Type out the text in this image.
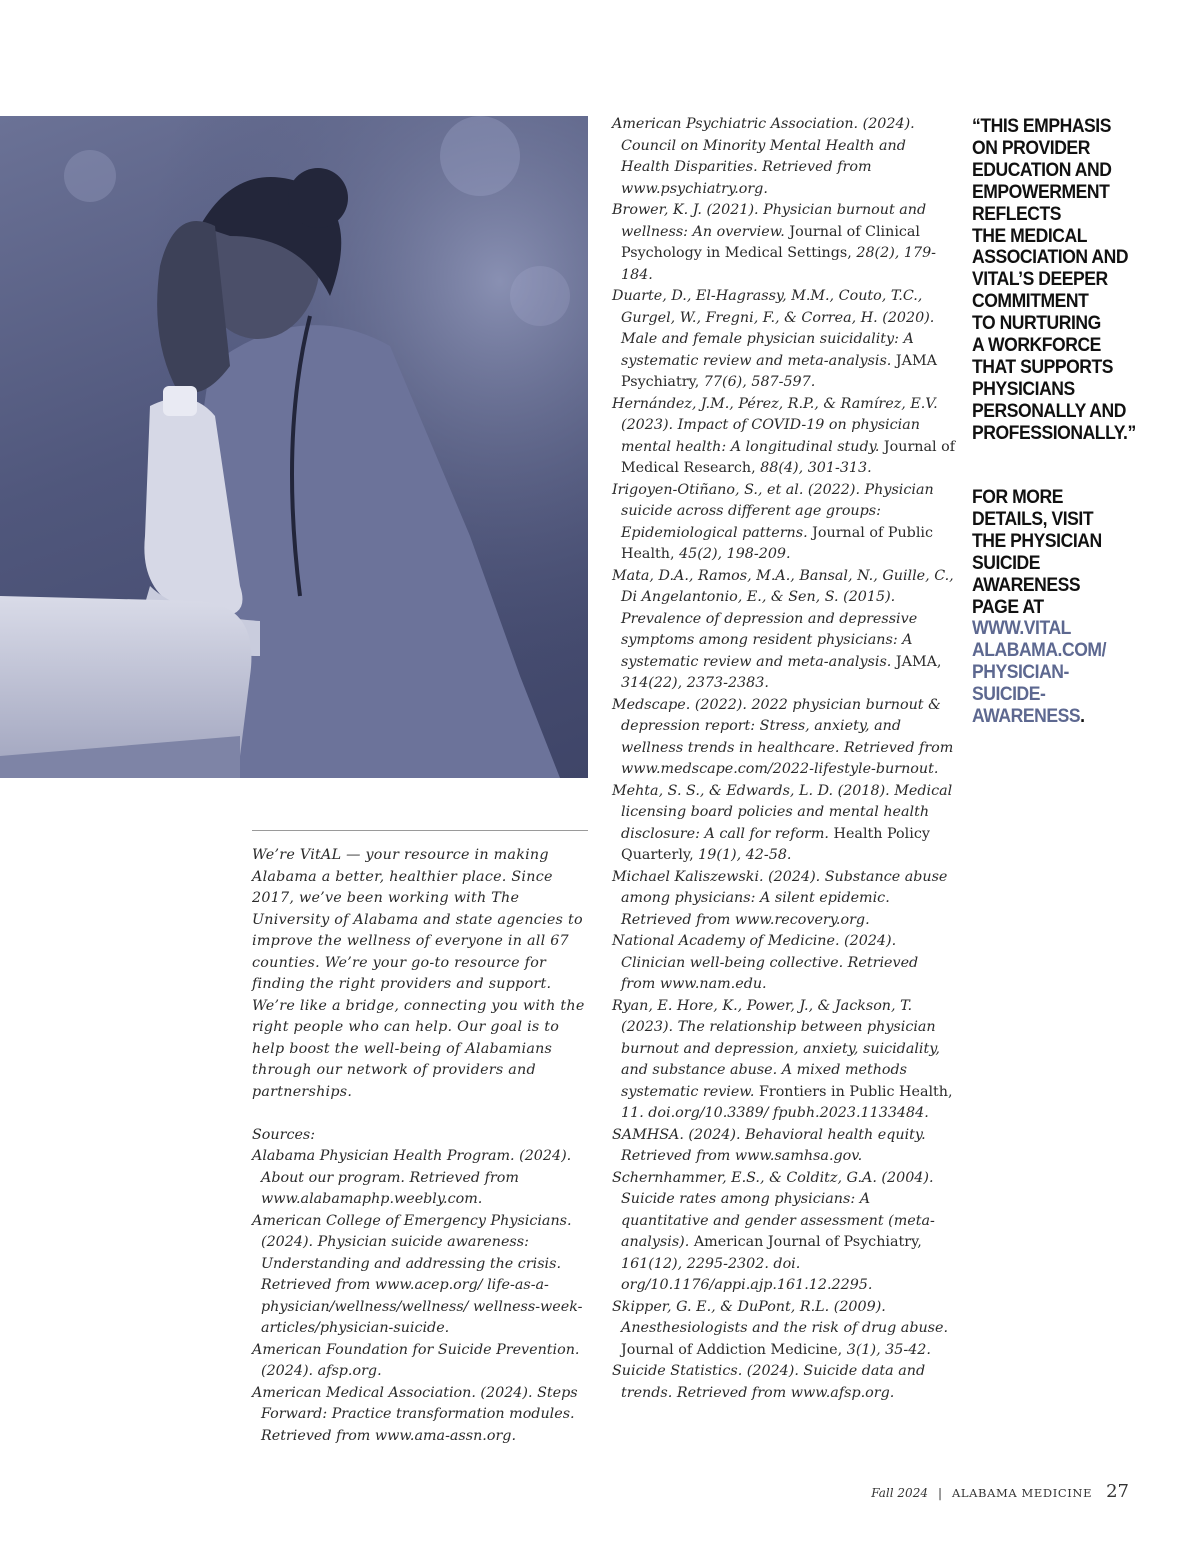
We’re VitAL — your resource in making Alabama a better, healthier place. Since 2017, we’ve been working with The University of Alabama and state agencies to improve the wellness of everyone in all 67 counties. We’re your go-to resource for finding the right providers and support. We’re like a bridge, connecting you with the right people who can help. Our goal is to help boost the well-being of Alabamians through our network of providers and partnerships.
Sources:
Alabama Physician Health Program. (2024). About our program. Retrieved from www.alabamaphp.weebly.com.
American College of Emergency Physicians. (2024). Physician suicide awareness: Understanding and addressing the crisis. Retrieved from www.acep.org/ life-as-a-physician/wellness/wellness/ wellness-week-articles/physician-suicide.
American Foundation for Suicide Prevention. (2024). afsp.org.
American Medical Association. (2024). Steps Forward: Practice transformation modules. Retrieved from www.ama-assn.org.
American Psychiatric Association. (2024). Council on Minority Mental Health and Health Disparities. Retrieved from www.psychiatry.org.
Brower, K. J. (2021). Physician burnout and wellness: An overview. Journal of Clinical Psychology in Medical Settings, 28(2), 179-184.
Duarte, D., El-Hagrassy, M.M., Couto, T.C., Gurgel, W., Fregni, F., & Correa, H. (2020). Male and female physician suicidality: A systematic review and meta-analysis. JAMA Psychiatry, 77(6), 587-597.
Hernández, J.M., Pérez, R.P., & Ramírez, E.V. (2023). Impact of COVID-19 on physician mental health: A longitudinal study. Journal of Medical Research, 88(4), 301-313.
Irigoyen-Otiñano, S., et al. (2022). Physician suicide across different age groups: Epidemiological patterns. Journal of Public Health, 45(2), 198-209.
Mata, D.A., Ramos, M.A., Bansal, N., Guille, C., Di Angelantonio, E., & Sen, S. (2015). Prevalence of depression and depressive symptoms among resident physicians: A systematic review and meta-analysis. JAMA, 314(22), 2373-2383.
Medscape. (2022). 2022 physician burnout & depression report: Stress, anxiety, and wellness trends in healthcare. Retrieved from www.medscape.com/2022-lifestyle-burnout.
Mehta, S. S., & Edwards, L. D. (2018). Medical licensing board policies and mental health disclosure: A call for reform. Health Policy Quarterly, 19(1), 42-58.
Michael Kaliszewski. (2024). Substance abuse among physicians: A silent epidemic. Retrieved from www.recovery.org.
National Academy of Medicine. (2024). Clinician well-being collective. Retrieved from www.nam.edu.
Ryan, E. Hore, K., Power, J., & Jackson, T. (2023). The relationship between physician burnout and depression, anxiety, suicidality, and substance abuse. A mixed methods systematic review. Frontiers in Public Health, 11. doi.org/10.3389/ fpubh.2023.1133484.
SAMHSA. (2024). Behavioral health equity. Retrieved from www.samhsa.gov.
Schernhammer, E.S., & Colditz, G.A. (2004). Suicide rates among physicians: A quantitative and gender assessment (meta-analysis). American Journal of Psychiatry, 161(12), 2295-2302. doi. org/10.1176/appi.ajp.161.12.2295.
Skipper, G. E., & DuPont, R.L. (2009). Anesthesiologists and the risk of drug abuse. Journal of Addiction Medicine, 3(1), 35-42.
Suicide Statistics. (2024). Suicide data and trends. Retrieved from www.afsp.org.
“THIS EMPHASIS
ON PROVIDER
EDUCATION AND
EMPOWERMENT
REFLECTS
THE MEDICAL
ASSOCIATION AND
VITAL’S DEEPER
COMMITMENT
TO NURTURING
A WORKFORCE
THAT SUPPORTS
PHYSICIANS
PERSONALLY AND
PROFESSIONALLY.”
FOR MORE
DETAILS, VISIT
THE PHYSICIAN
SUICIDE
AWARENESS
PAGE AT
WWW.VITAL
ALABAMA.COM/
PHYSICIAN-
SUICIDE-
AWARENESS.
Fall 2024 | ALABAMA MEDICINE 27
